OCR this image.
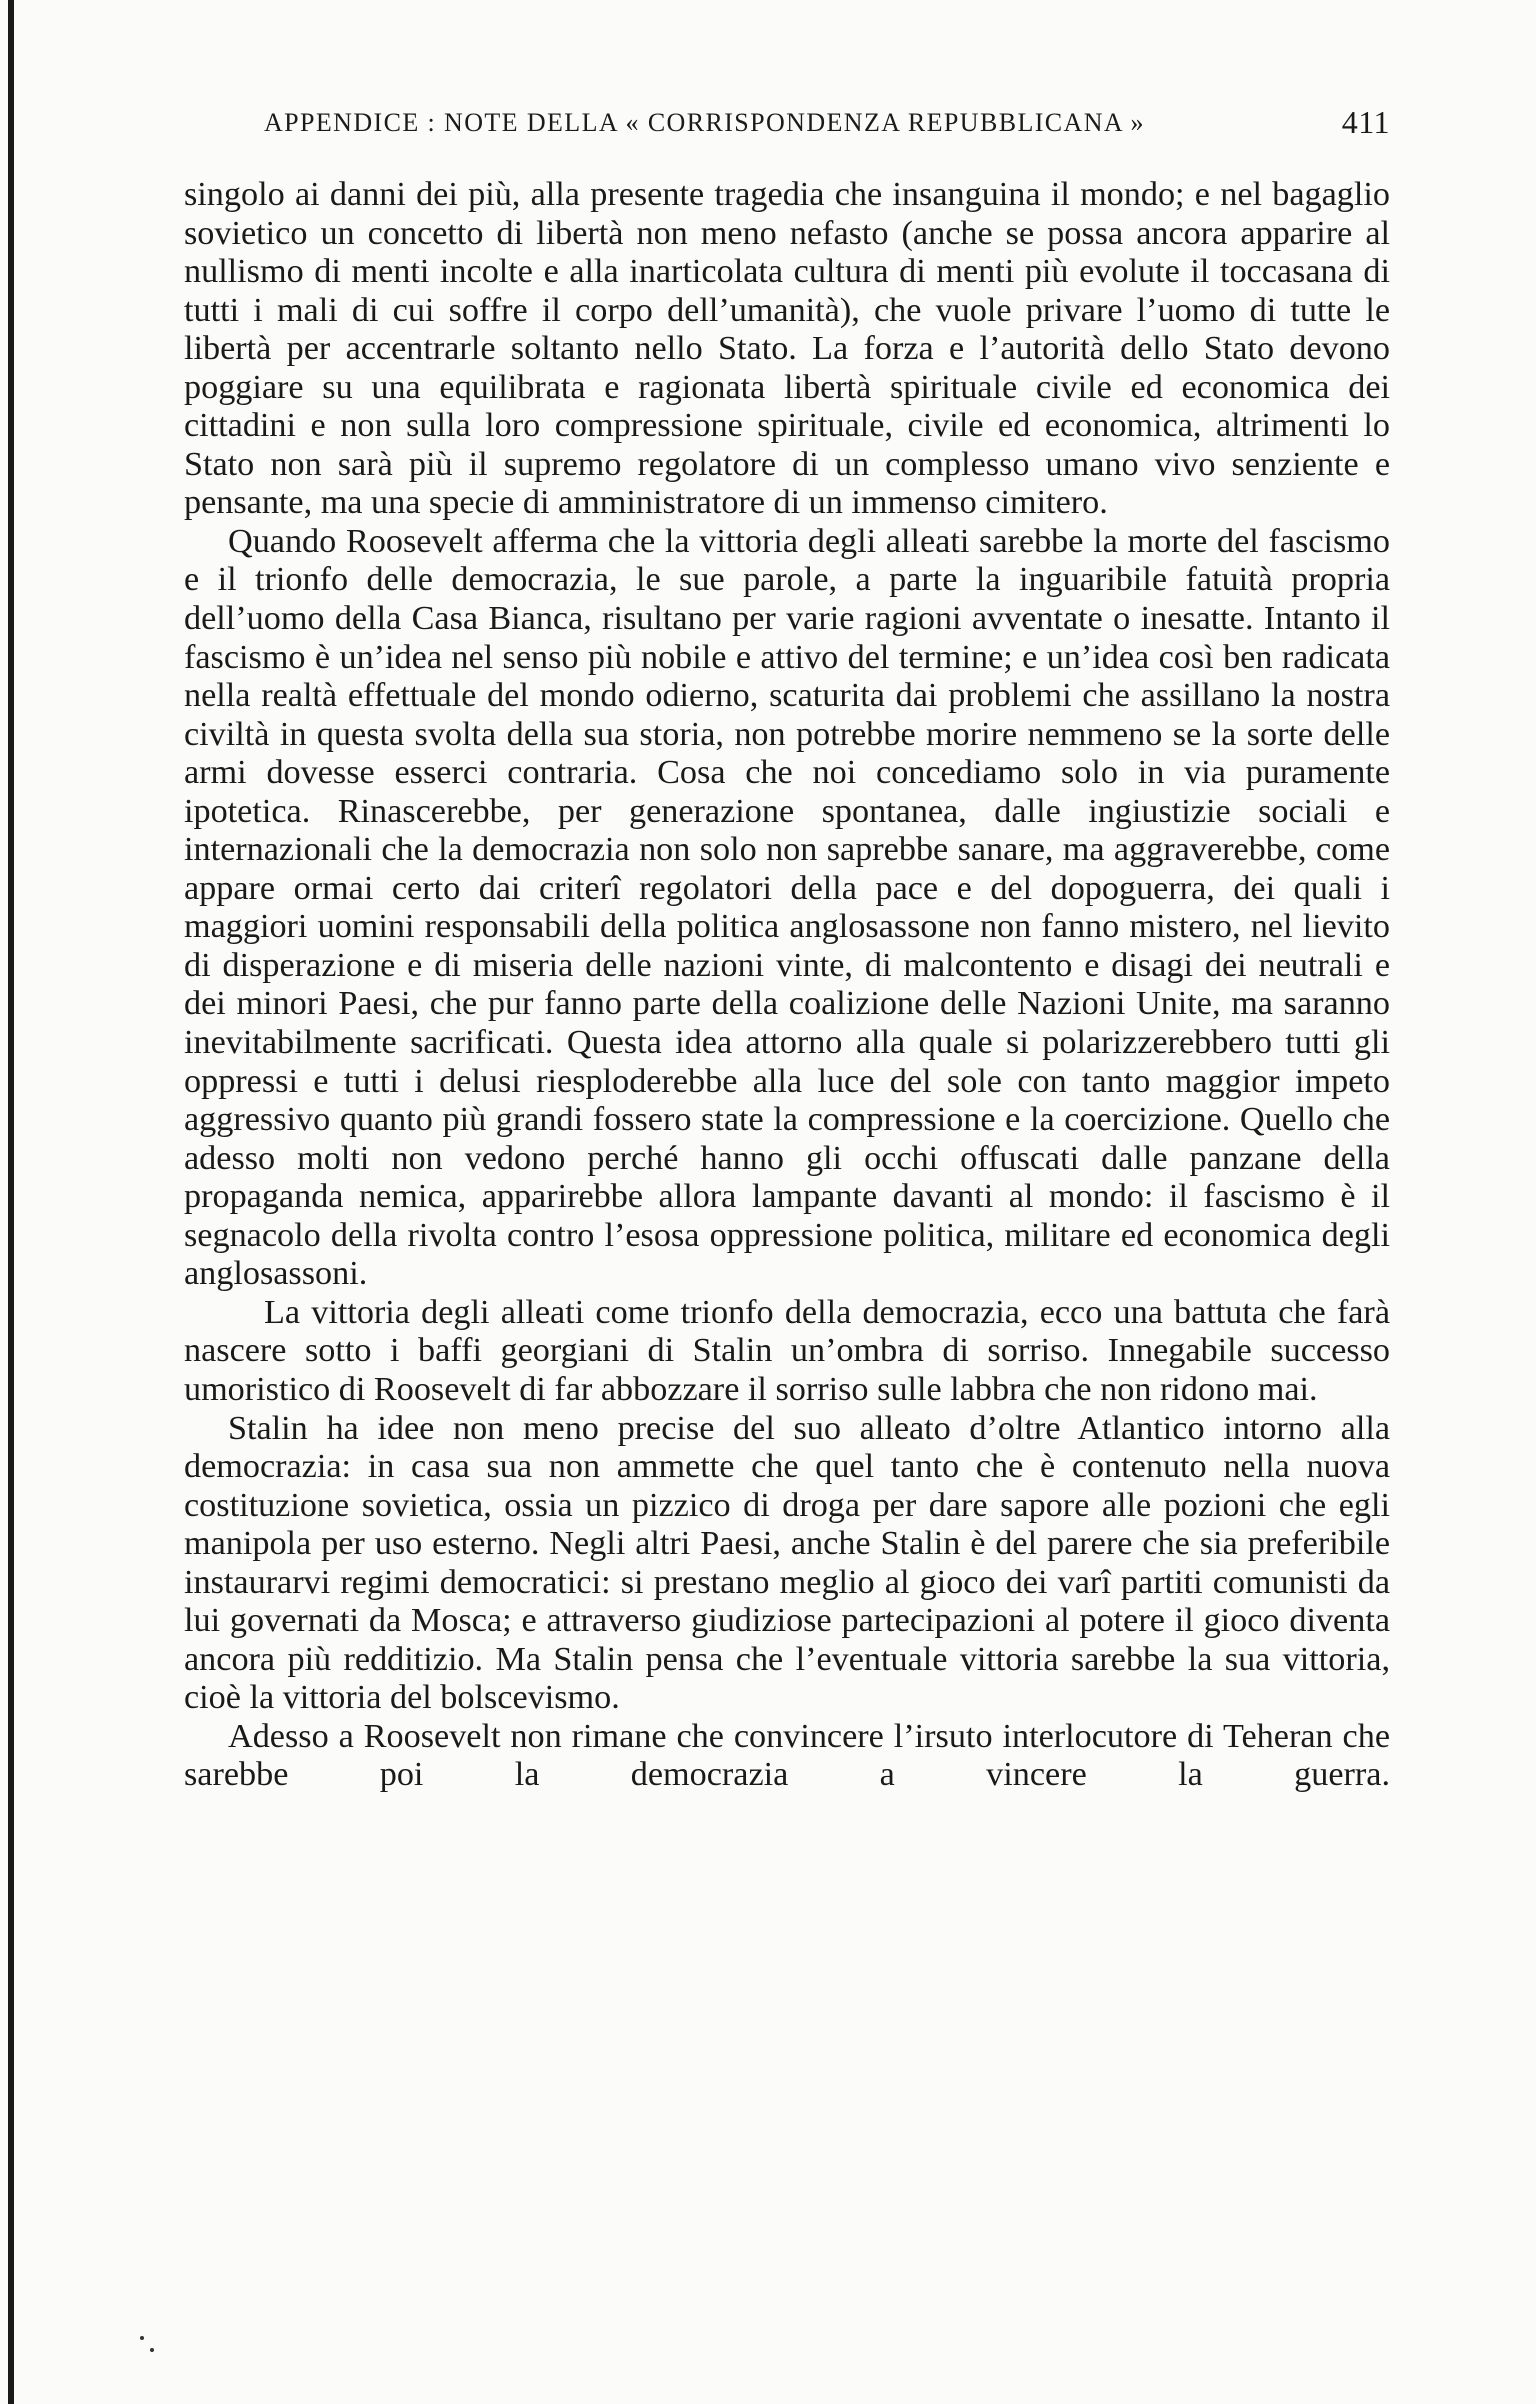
APPENDICE : NOTE DELLA « CORRISPONDENZA REPUBBLICANA »	411

singolo ai danni dei più, alla presente tragedia che insanguina il mondo; e nel bagaglio sovietico un concetto di libertà non meno nefasto (anche se possa ancora apparire al nullismo di menti incolte e alla inarticolata cultura di menti più evolute il toccasana di tutti i mali di cui soffre il corpo dell’umanità), che vuole privare l’uomo di tutte le libertà per accentrarle soltanto nello Stato. La forza e l’autorità dello Stato devono poggiare su una equilibrata e ragionata libertà spirituale civile ed economica dei cittadini e non sulla loro compressione spirituale, civile ed economica, altrimenti lo Stato non sarà più il supremo regolatore di un complesso umano vivo senziente e pensante, ma una specie di amministratore di un immenso cimitero.

Quando Roosevelt afferma che la vittoria degli alleati sarebbe la morte del fascismo e il trionfo delle democrazia, le sue parole, a parte la inguaribile fatuità propria dell’uomo della Casa Bianca, risultano per varie ragioni avventate o inesatte. Intanto il fascismo è un’idea nel senso più nobile e attivo del termine; e un’idea così ben radicata nella realtà effettuale del mondo odierno, scaturita dai problemi che assillano la nostra civiltà in questa svolta della sua storia, non potrebbe morire nemmeno se la sorte delle armi dovesse esserci contraria. Cosa che noi concediamo solo in via puramente ipotetica. Rinascerebbe, per generazione spontanea, dalle ingiustizie sociali e internazionali che la democrazia non solo non saprebbe sanare, ma aggraverebbe, come appare ormai certo dai criterî regolatori della pace e del dopoguerra, dei quali i maggiori uomini responsabili della politica anglosassone non fanno mistero, nel lievito di disperazione e di miseria delle nazioni vinte, di malcontento e disagi dei neutrali e dei minori Paesi, che pur fanno parte della coalizione delle Nazioni Unite, ma saranno inevitabilmente sacrificati. Questa idea attorno alla quale si polarizzerebbero tutti gli oppressi e tutti i delusi riesploderebbe alla luce del sole con tanto maggior impeto aggressivo quanto più grandi fossero state la compressione e la coercizione. Quello che adesso molti non vedono perché hanno gli occhi offuscati dalle panzane della propaganda nemica, apparirebbe allora lampante davanti al mondo: il fascismo è il segnacolo della rivolta contro l’esosa oppressione politica, militare ed economica degli anglosassoni.

La vittoria degli alleati come trionfo della democrazia, ecco una battuta che farà nascere sotto i baffi georgiani di Stalin un’ombra di sorriso. Innegabile successo umoristico di Roosevelt di far abbozzare il sorriso sulle labbra che non ridono mai.

Stalin ha idee non meno precise del suo alleato d’oltre Atlantico intorno alla democrazia: in casa sua non ammette che quel tanto che è contenuto nella nuova costituzione sovietica, ossia un pizzico di droga per dare sapore alle pozioni che egli manipola per uso esterno. Negli altri Paesi, anche Stalin è del parere che sia preferibile instaurarvi regimi democratici: si prestano meglio al gioco dei varî partiti comunisti da lui governati da Mosca; e attraverso giudiziose partecipazioni al potere il gioco diventa ancora più redditizio. Ma Stalin pensa che l’eventuale vittoria sarebbe la sua vittoria, cioè la vittoria del bolscevismo.

Adesso a Roosevelt non rimane che convincere l’irsuto interlocutore di Teheran che sarebbe poi la democrazia a vincere la guerra.
